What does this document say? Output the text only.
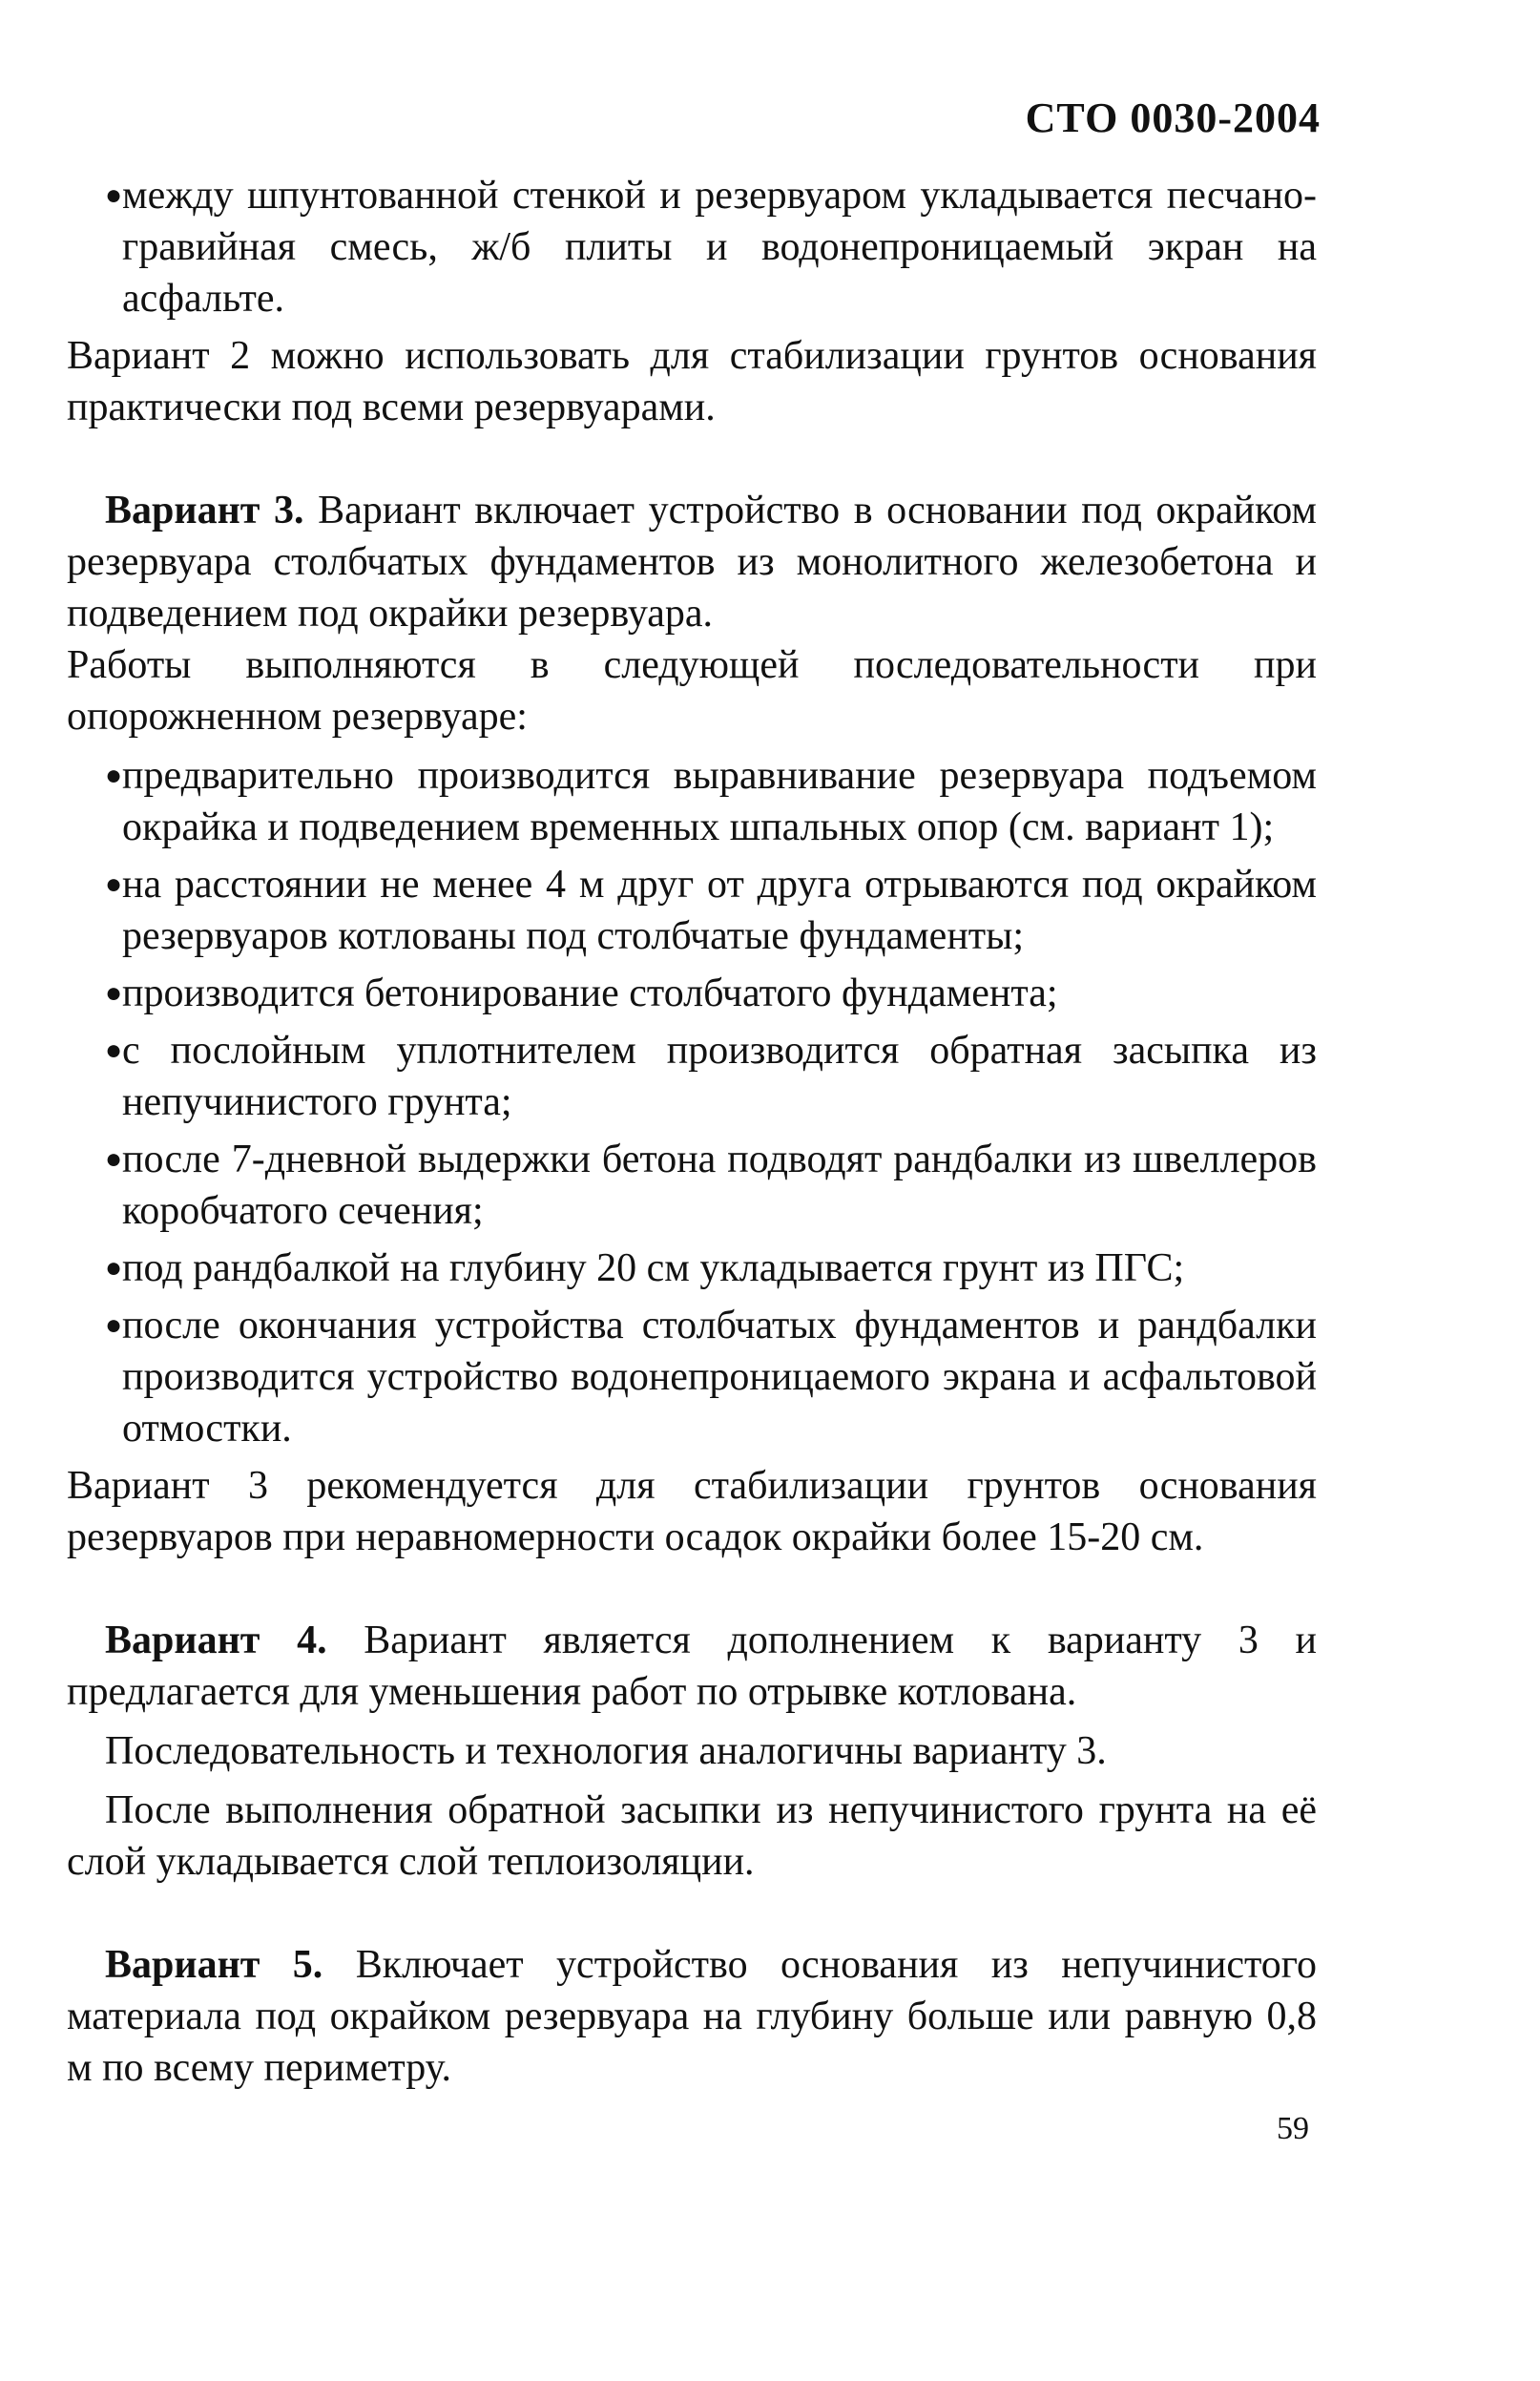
СТО 0030-2004
● между шпунтованной стенкой и резервуаром укладывается песчано-гравийная смесь, ж/б плиты и водонепроницаемый экран на асфальте.

Вариант 2 можно использовать для стабилизации грунтов основания практически под всеми резервуарами.

Вариант 3. Вариант включает устройство в основании под окрайком резервуара столбчатых фундаментов из монолитного железобетона и подведением под окрайки резервуара.

Работы выполняются в следующей последовательности при опорожненном резервуаре:

● предварительно производится выравнивание резервуара подъемом окрайка и подведением временных шпальных опор (см. вариант 1);
● на расстоянии не менее 4 м друг от друга отрываются под окрайком резервуаров котлованы под столбчатые фундаменты;
● производится бетонирование столбчатого фундамента;
● с послойным уплотнителем производится обратная засыпка из непучинистого грунта;
● после 7-дневной выдержки бетона подводят рандбалки из швеллеров коробчатого сечения;
● под рандбалкой на глубину 20 см укладывается грунт из ПГС;
● после окончания устройства столбчатых фундаментов и рандбалки производится устройство водонепроницаемого экрана и асфальтовой отмостки.

Вариант 3 рекомендуется для стабилизации грунтов основания резервуаров при неравномерности осадок окрайки более 15-20 см.

Вариант 4. Вариант является дополнением к варианту 3 и предлагается для уменьшения работ по отрывке котлована.

Последовательность и технология аналогичны варианту 3.

После выполнения обратной засыпки из непучинистого грунта на её слой укладывается слой теплоизоляции.

Вариант 5. Включает устройство основания из непучинистого материала под окрайком резервуара на глубину больше или равную 0,8 м по всему периметру.

59
